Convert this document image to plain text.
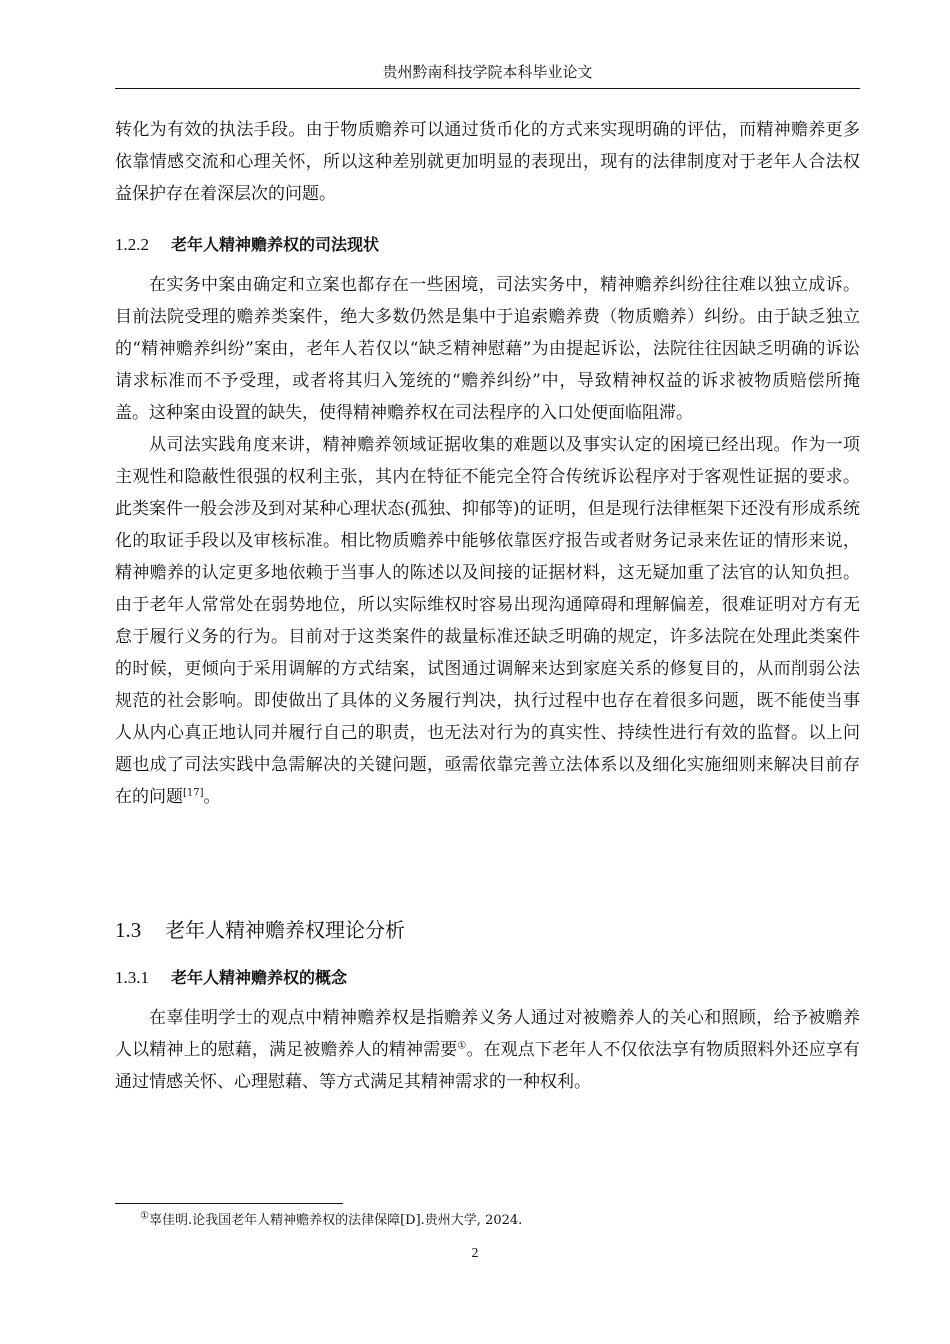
贵州黔南科技学院本科毕业论文

转化为有效的执法手段。由于物质赡养可以通过货币化的方式来实现明确的评估，而精神赡养更多依靠情感交流和心理关怀，所以这种差别就更加明显的表现出，现有的法律制度对于老年人合法权益保护存在着深层次的问题。

1.2.2 老年人精神赡养权的司法现状

在实务中案由确定和立案也都存在一些困境，司法实务中，精神赡养纠纷往往难以独立成诉。目前法院受理的赡养类案件，绝大多数仍然是集中于追索赡养费（物质赡养）纠纷。由于缺乏独立的“精神赡养纠纷”案由，老年人若仅以“缺乏精神慰藉”为由提起诉讼，法院往往因缺乏明确的诉讼请求标准而不予受理，或者将其归入笼统的“赡养纠纷”中，导致精神权益的诉求被物质赔偿所掩盖。这种案由设置的缺失，使得精神赡养权在司法程序的入口处便面临阻滞。

从司法实践角度来讲，精神赡养领域证据收集的难题以及事实认定的困境已经出现。作为一项主观性和隐蔽性很强的权利主张，其内在特征不能完全符合传统诉讼程序对于客观性证据的要求。此类案件一般会涉及到对某种心理状态(孤独、抑郁等)的证明，但是现行法律框架下还没有形成系统化的取证手段以及审核标准。相比物质赡养中能够依靠医疗报告或者财务记录来佐证的情形来说，精神赡养的认定更多地依赖于当事人的陈述以及间接的证据材料，这无疑加重了法官的认知负担。由于老年人常常处在弱势地位，所以实际维权时容易出现沟通障碍和理解偏差，很难证明对方有无怠于履行义务的行为。目前对于这类案件的裁量标准还缺乏明确的规定，许多法院在处理此类案件的时候，更倾向于采用调解的方式结案，试图通过调解来达到家庭关系的修复目的，从而削弱公法规范的社会影响。即使做出了具体的义务履行判决，执行过程中也存在着很多问题，既不能使当事人从内心真正地认同并履行自己的职责，也无法对行为的真实性、持续性进行有效的监督。以上问题也成了司法实践中急需解决的关键问题，亟需依靠完善立法体系以及细化实施细则来解决目前存在的问题[17]。

1.3 老年人精神赡养权理论分析
1.3.1 老年人精神赡养权的概念

在辜佳明学士的观点中精神赡养权是指赡养义务人通过对被赡养人的关心和照顾，给予被赡养人以精神上的慰藉，满足被赡养人的精神需要①。在观点下老年人不仅依法享有物质照料外还应享有通过情感关怀、心理慰藉、等方式满足其精神需求的一种权利。

①辜佳明.论我国老年人精神赡养权的法律保障[D].贵州大学, 2024.
2
